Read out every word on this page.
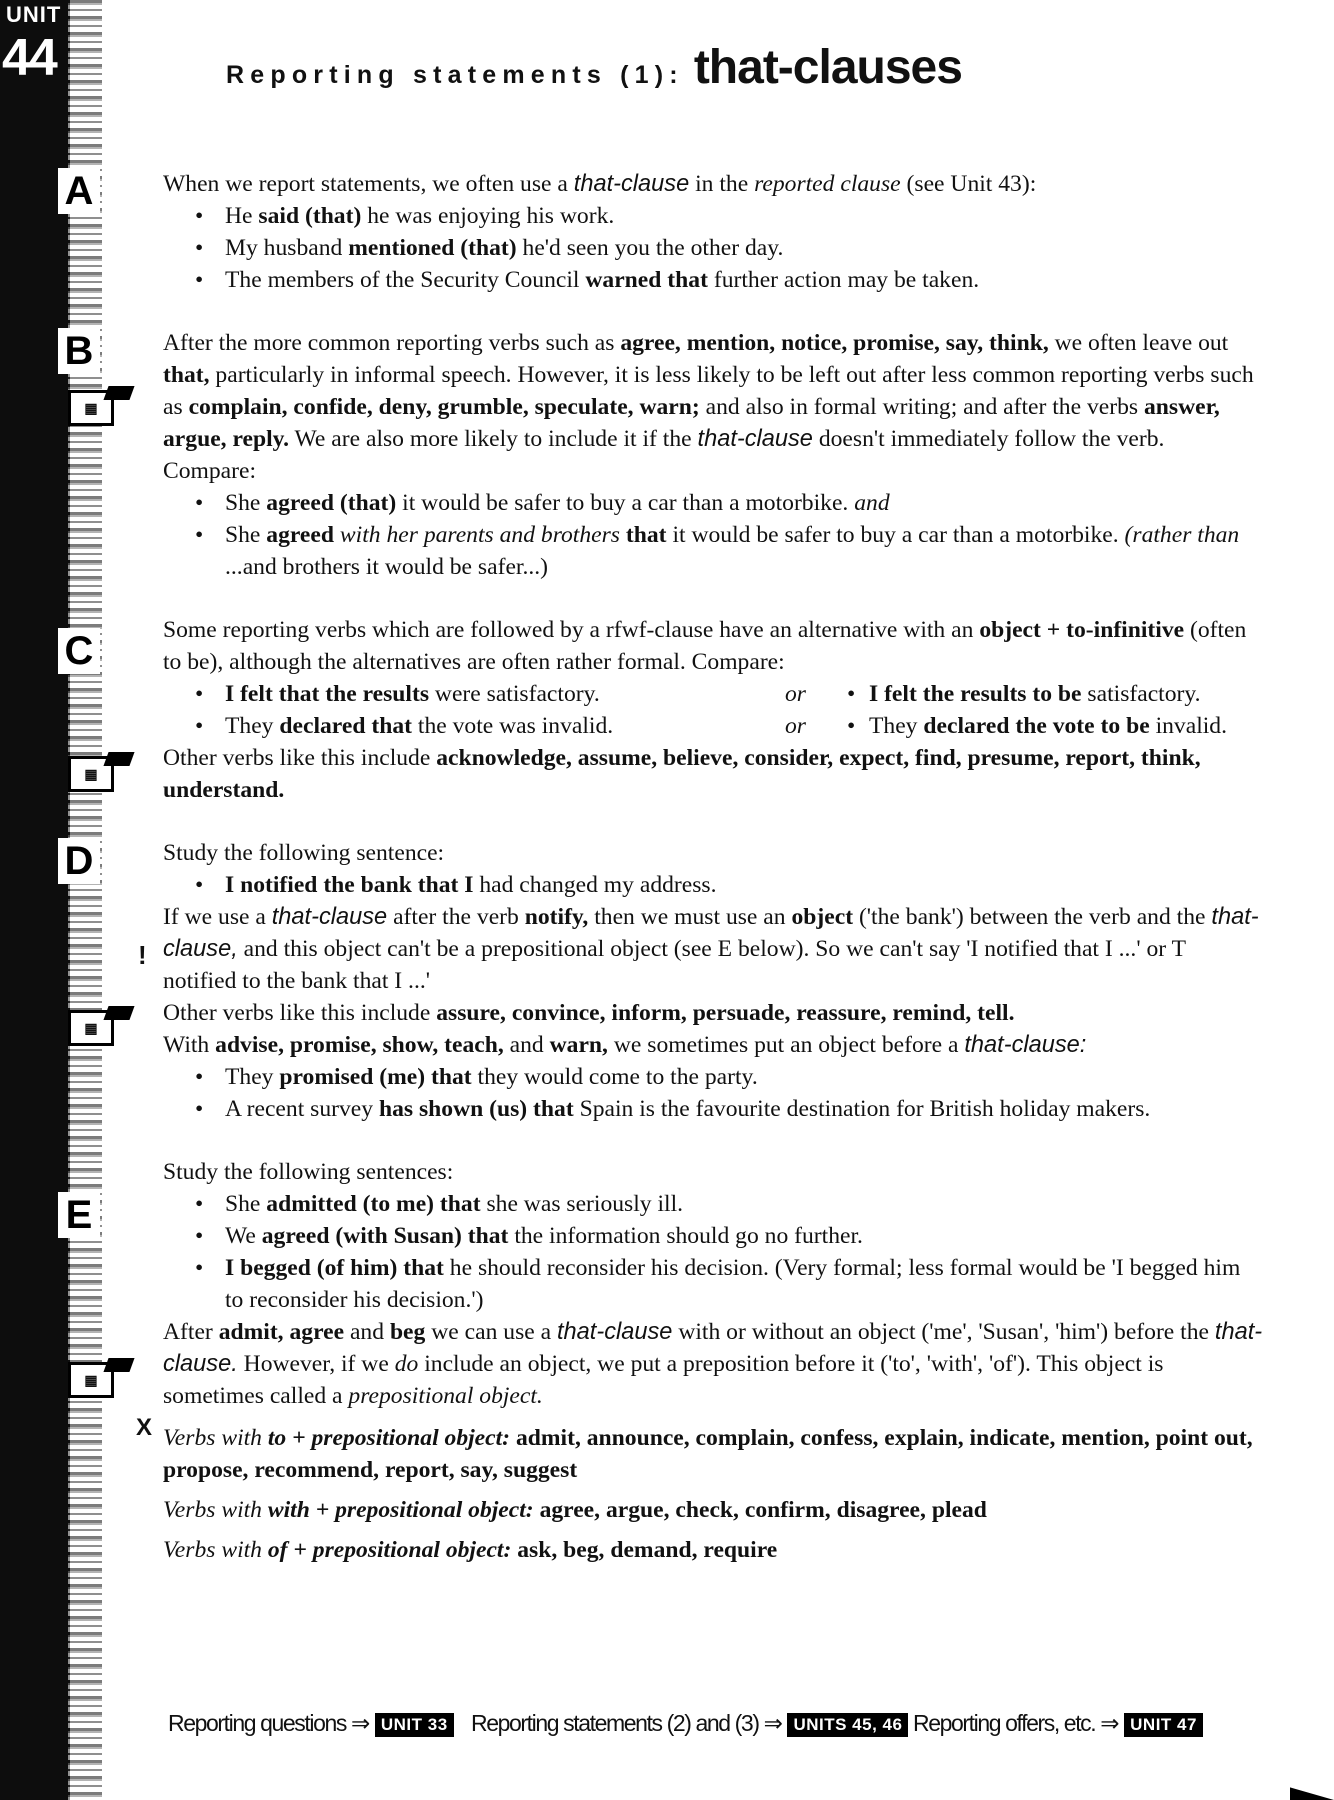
UNIT
44
A
B
C
D
E
▦
▦
▦
▦
!
X
Reporting statements (1): that-clauses

When we report statements, we often use a that-clause in the reported clause (see Unit 43):

• He said (that) he was enjoying his work.

• My husband mentioned (that) he'd seen you the other day.

• The members of the Security Council warned that further action may be taken.

After the more common reporting verbs such as agree, mention, notice, promise, say, think, we often leave out that, particularly in informal speech. However, it is less likely to be left out after less common reporting verbs such as complain, confide, deny, grumble, speculate, warn; and also in formal writing; and after the verbs answer, argue, reply. We are also more likely to include it if the that-clause doesn't immediately follow the verb. Compare:

• She agreed (that) it would be safer to buy a car than a motorbike. and

• She agreed with her parents and brothers that it would be safer to buy a car than a motorbike. (rather than ...and brothers it would be safer...)

Some reporting verbs which are followed by a rfwf-clause have an alternative with an object + to-infinitive (often to be), although the alternatives are often rather formal. Compare:

• I felt that the results were satisfactory.	or	• I felt the results to be satisfactory.
• They declared that the vote was invalid.	or	• They declared the vote to be invalid.

Other verbs like this include acknowledge, assume, believe, consider, expect, find, presume, report, think, understand.

Study the following sentence:

• I notified the bank that I had changed my address.

If we use a that-clause after the verb notify, then we must use an object ('the bank') between the verb and the that-clause, and this object can't be a prepositional object (see E below). So we can't say 'I notified that I ...' or T notified to the bank that I ...'

Other verbs like this include assure, convince, inform, persuade, reassure, remind, tell.

With advise, promise, show, teach, and warn, we sometimes put an object before a that-clause:

• They promised (me) that they would come to the party.

• A recent survey has shown (us) that Spain is the favourite destination for British holiday makers.

Study the following sentences:

• She admitted (to me) that she was seriously ill.

• We agreed (with Susan) that the information should go no further.

• I begged (of him) that he should reconsider his decision. (Very formal; less formal would be 'I begged him to reconsider his decision.')

After admit, agree and beg we can use a that-clause with or without an object ('me', 'Susan', 'him') before the that-clause. However, if we do include an object, we put a preposition before it ('to', 'with', 'of'). This object is sometimes called a prepositional object.

Verbs with to + prepositional object: admit, announce, complain, confess, explain, indicate, mention, point out, propose, recommend, report, say, suggest

Verbs with with + prepositional object: agree, argue, check, confirm, disagree, plead

Verbs with of + prepositional object: ask, beg, demand, require

Reporting questions ⇒ UNIT 33 Reporting statements (2) and (3) ⇒ UNITS 45, 46 Reporting offers, etc. ⇒ UNIT 47
